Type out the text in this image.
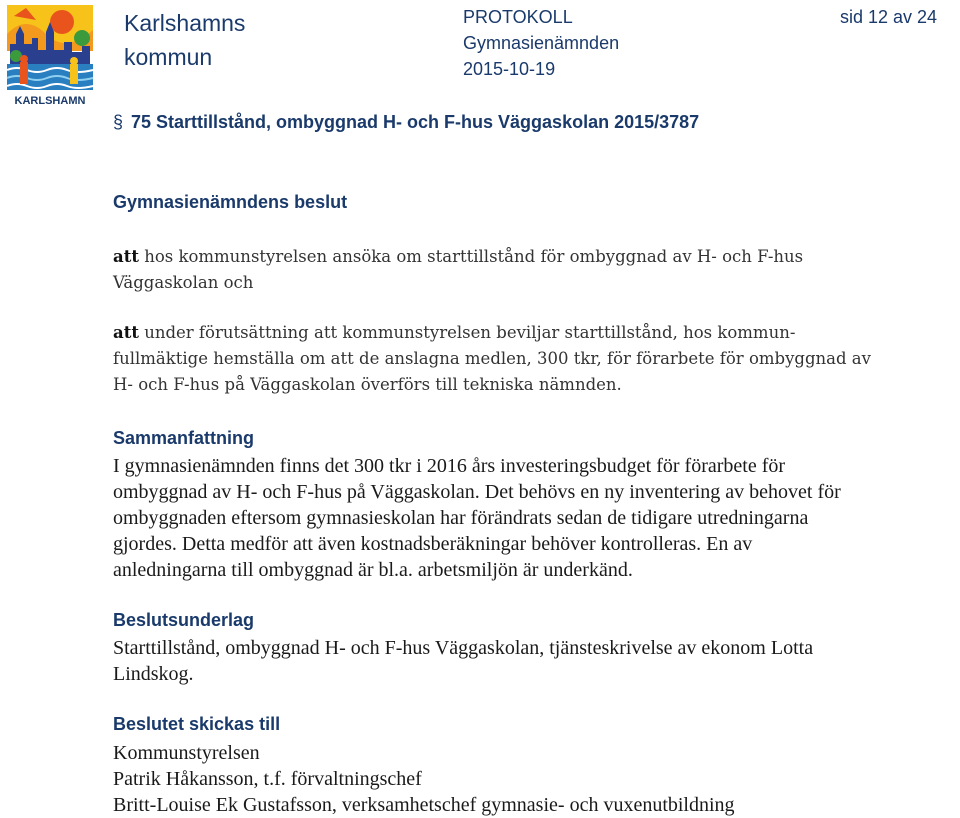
KARLSHAMN
Karlshamns
kommun
PROTOKOLL
Gymnasienämnden
2015-10-19
sid 12 av 24
§ 75 Starttillstånd, ombyggnad H- och F-hus Väggaskolan 2015/3787
Gymnasienämndens beslut
att hos kommunstyrelsen ansöka om starttillstånd för ombyggnad av H- och F-hus
Väggaskolan och
att under förutsättning att kommunstyrelsen beviljar starttillstånd, hos kommun-
fullmäktige hemställa om att de anslagna medlen, 300 tkr, för förarbete för ombyggnad av
H- och F-hus på Väggaskolan överförs till tekniska nämnden.
Sammanfattning
I gymnasienämnden finns det 300 tkr i 2016 års investeringsbudget för förarbete för
ombyggnad av H- och F-hus på Väggaskolan. Det behövs en ny inventering av behovet för
ombyggnaden eftersom gymnasieskolan har förändrats sedan de tidigare utredningarna
gjordes. Detta medför att även kostnadsberäkningar behöver kontrolleras. En av
anledningarna till ombyggnad är bl.a. arbetsmiljön är underkänd.
Beslutsunderlag
Starttillstånd, ombyggnad H- och F-hus Väggaskolan, tjänsteskrivelse av ekonom Lotta
Lindskog.
Beslutet skickas till
Kommunstyrelsen
Patrik Håkansson, t.f. förvaltningschef
Britt-Louise Ek Gustafsson, verksamhetschef gymnasie- och vuxenutbildning
